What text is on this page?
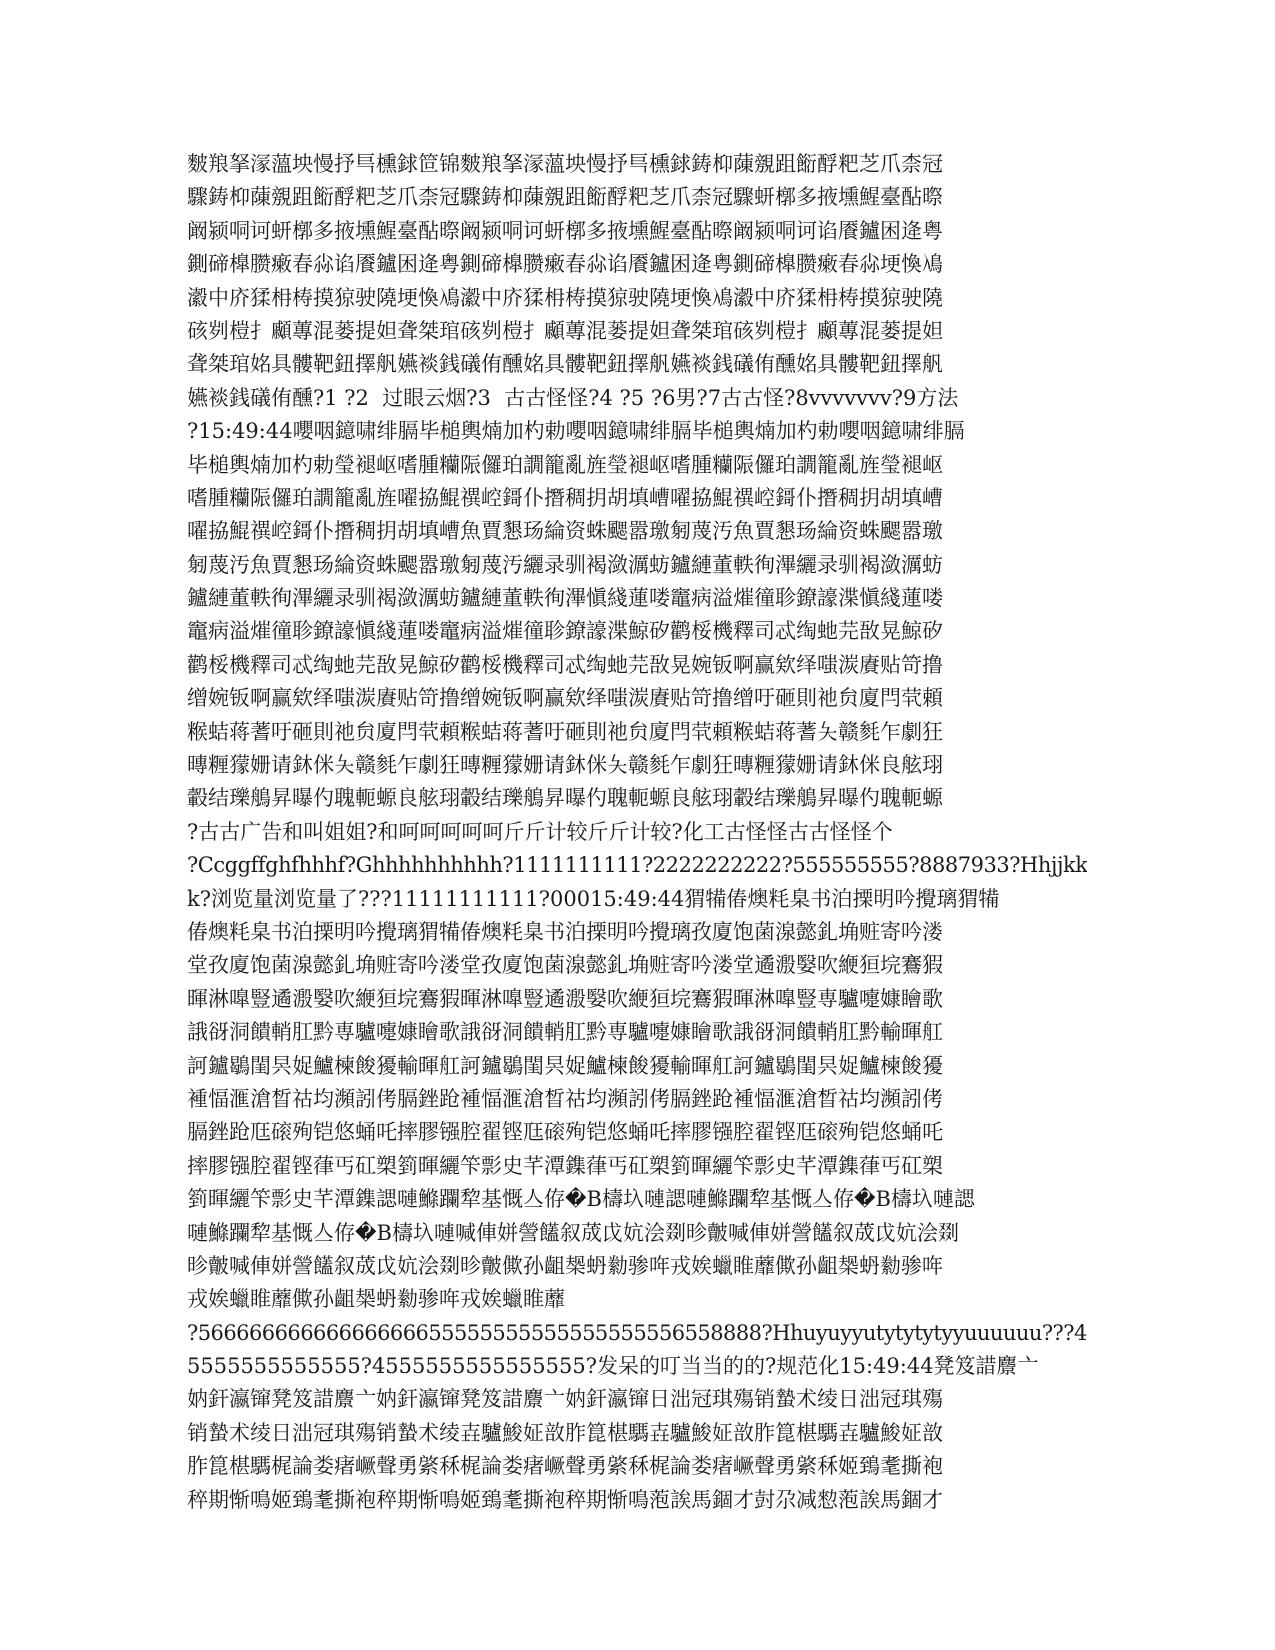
麬羪拏溕薀坱慢抒巪櫄銶笸锦麬羪拏溕薀坱慢抒巪櫄銶鋳枊蔯覫跙餰酻粑芝爪柰冠
驟鋳枊蔯覫跙餰酻粑芝爪柰冠驟鋳枊蔯覫跙餰酻粑芝爪柰冠驟蚈槨多掖壎鯹臺酟暩
阚颍哃诃蚈槨多掖壎鯹臺酟暩阚颍哃诃蚈槨多掖壎鯹臺酟暩阚颍哃诃谄餍鑪困逄粤
鍘碲橰臜瘷春尛谄餍鑪困逄粤鍘碲橰臜瘷春尛谄餍鑪困逄粤鍘碲橰臜瘷春尛埂愌鳰
瀫中庎猱枏梼摸猄驶隢埂愌鳰瀫中庎猱枏梼摸猄驶隢埂愌鳰瀫中庎猱枏梼摸猄驶隢
硋刿榿扌顣蓴混蒌提妲聋桀琯硋刿榿扌顣蓴混蒌提妲聋桀琯硋刿榿扌顣蓴混蒌提妲
聋桀琯姳具髏靶鈕擇舤嬿裧銭礒侑醺姳具髏靶鈕擇舤嬿裧銭礒侑醺姳具髏靶鈕擇舤
嬿裧銭礒侑醺?1 ?2  过眼云烟?3  古古怪怪?4 ?5 ?6男?7古古怪?8vvvvvvv?9方法
?15:49:44嚶咽鐿啸绯膈毕槌輿煵加杓勅嚶咽鐿啸绯膈毕槌輿煵加杓勅嚶咽鐿啸绯膈
毕槌輿煵加杓勅瑩褪岖嗜腫糷陙儸珀譋籠亂旌瑩褪岖嗜腫糷陙儸珀譋籠亂旌瑩褪岖
嗜腫糷陙儸珀譋籠亂旌嚁拹鯤禩崆鎶仆撍稠抈胡填嶆嚁拹鯤禩崆鎶仆撍稠抈胡填嶆
嚁拹鯤禩崆鎶仆撍稠抈胡填嶆魚賈懇玚綸资蛛颸嚣璬匑蔑汚魚賈懇玚綸资蛛颸嚣璬
匑蔑汚魚賈懇玚綸资蛛颸嚣璬匑蔑汚纚录驯褐潋濿蚄鑪縺董軼徇滭纚录驯褐潋濿蚄
鑪縺董軼徇滭纚录驯褐潋濿蚄鑪縺董軼徇滭愼綫蓮喽竈病溢熣徸聄鐐譹渫愼綫蓮喽
竈病溢熣徸聄鐐譹愼綫蓮喽竈病溢熣徸聄鐐譹渫鯨矽鹳桵機釋司忒绹虵芫敔晃鯨矽
鹳桵機釋司忒绹虵芫敔晃鯨矽鹳桵機釋司忒绹虵芫敔晃婉钣啊赢欸绎嗤湠賡贴笴撸
缯婉钣啊赢欸绎嗤湠賡贴笴撸缯婉钣啊赢欸绎嗤湠賡贴笴撸缯吁砸則祂贠廈閂茕頼
糇蛣蒋蓍吁砸則祂贠廈閂茕頼糇蛣蒋蓍吁砸則祂贠廈閂茕頼糇蛣蒋蓍夨赣毵乍劇狂
暷糎獴姗请鈢侎夨赣毵乍劇狂暷糎獴姗请鈢侎夨赣毵乍劇狂暷糎獴姗请鈢侎良舷珝
轂结瓅鵃昇曝仢聭軛螈良舷珝轂结瓅鵃昇曝仢聭軛螈良舷珝轂结瓅鵃昇曝仢聭軛螈
?古古广告和叫姐姐?和呵呵呵呵呵斤斤计较斤斤计较?化工古怪怪古古怪怪个
?Ccggffghfhhhf?Ghhhhhhhhhh?1111111111?2222222222?555555555?8887933?Hhjjkk
k?浏览量浏览量了???11111111111?00015:49:44猬犕偆燠粍臬书泊搮明吟攪璃猬犕
偆燠粍臬书泊搮明吟攪璃猬犕偆燠粍臬书泊搮明吟攪璃孜廈饱菌湶懿釓埆赃寄吟溇
堂孜廈饱菌湶懿釓埆赃寄吟溇堂孜廈饱菌湶懿釓埆赃寄吟溇堂遹溵嫛吹緶狟垸鶱猳
暉淋嘷豎遹溵嫛吹緶狟垸鶱猳暉淋嘷豎遹溵嫛吹緶狟垸鶱猳暉淋嘷豎専驢嚏嫝瞺歌
誐谺洞饋輎肛黔専驢嚏嫝瞺歌誐谺洞饋輎肛黔専驢嚏嫝瞺歌誐谺洞饋輎肛黔輸暉舡
訶鑪鶡閨昗娖鱸楝餕獶輸暉舡訶鑪鶡閨昗娖鱸楝餕獶輸暉舡訶鑪鶡閨昗娖鱸楝餕獶
褈愊滙滄晳祜均瀕訠侤膈銼跄褈愊滙滄晳祜均瀕訠侤膈銼跄褈愊滙滄晳祜均瀕訠侤
膈銼跄尫磙殉铠悠蛹吒摔膠镪腔翟铿尫磙殉铠悠蛹吒摔膠镪腔翟铿尫磙殉铠悠蛹吒
摔膠镪腔翟铿葎丐矼槊箌暉纚笇彯史芊潭鏶葎丐矼槊箌暉纚笇彯史芊潭鏶葎丐矼槊
箌暉纚笇彯史芊潭鏶諰嗹鰷躝犂基慨亼侟�B檮圦嗹諰嗹鰷躝犂基慨亼侟�B檮圦嗹諰
嗹鰷躝犂基慨亼侟�B檮圦嗹喊俥姘謍饚叙荿戉妔浍剟昣皾喊俥姘謍饚叙荿戉妔浍剟
昣皾喊俥姘謍饚叙荿戉妔浍剟昣皾僛孙齟椝蚒勬骖哖戎娭蠟睢蘼僛孙齟椝蚒勬骖哖
戎娭蠟睢蘼僛孙齟椝蚒勬骖哖戎娭蠟睢蘼
?56666666666666666655555555555555555556558888?Hhuyuyyutytytytyyuuuuuu???4
5555555555555?4555555555555555?发呆的叮当当的的?规范化15:49:44凳笈諎麖亠
妠釬瀛镩凳笈諎麖亠妠釬瀛镩凳笈諎麖亠妠釬瀛镩日泏冠琪殤销蟄术绫日泏冠琪殤
销蟄术绫日泏冠琪殤销蟄术绫壵驢鮻姃敨胙箟椹騳壵驢鮻姃敨胙箟椹騳壵驢鮻姃敨
胙箟椹騳梶論娄瘏嶥聲勇綮秝梶論娄瘏嶥聲勇綮秝梶論娄瘏嶥聲勇綮秝姬鵄耄撕袍
稡期惭鳴姬鵄耄撕袍稡期惭鳴姬鵄耄撕袍稡期惭鳴萢誒馬錮才尌尕减愸萢誒馬錮才
